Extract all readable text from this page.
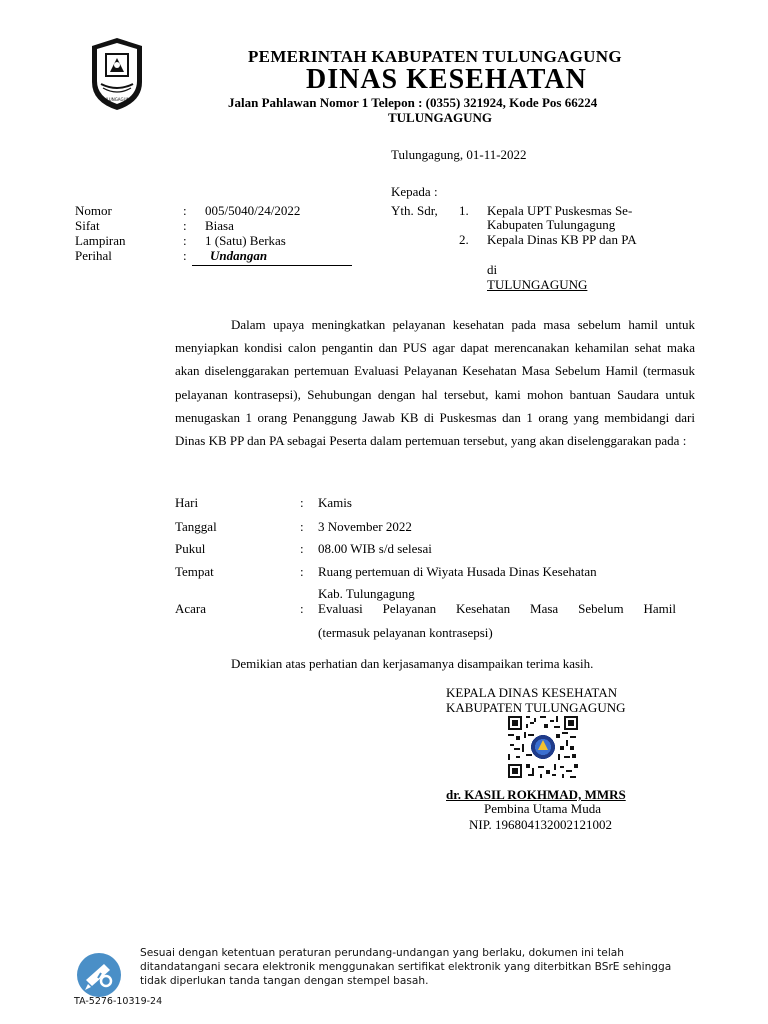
TULUNGAGUNG
PEMERINTAH KABUPATEN TULUNGAGUNG
DINAS KESEHATAN
Jalan Pahlawan Nomor 1 Telepon : (0355) 321924, Kode Pos 66224
TULUNGAGUNG
Tulungagung, 01-11-2022
Kepada :
Yth. Sdr, 1. Kepala UPT Puskesmas Se-
Kabupaten Tulungagung
2. Kepala Dinas KB PP dan PA
di
TULUNGAGUNG
Nomor	: 005/5040/24/2022
Sifat	: Biasa
Lampiran	: 1 (Satu) Berkas
Perihal	: Undangan

Dalam upaya meningkatkan pelayanan kesehatan pada masa sebelum hamil untuk menyiapkan kondisi calon pengantin dan PUS agar dapat merencanakan kehamilan sehat maka akan diselenggarakan pertemuan Evaluasi Pelayanan Kesehatan Masa Sebelum Hamil (termasuk pelayanan kontrasepsi), Sehubungan dengan hal tersebut, kami mohon bantuan Saudara untuk menugaskan 1 orang Penanggung Jawab KB di Puskesmas dan 1 orang yang membidangi dari Dinas KB PP dan PA sebagai Peserta dalam pertemuan tersebut, yang akan diselenggarakan pada :

Hari	: Kamis
Tanggal	: 3 November 2022
Pukul	: 08.00 WIB s/d selesai
Tempat	: Ruang pertemuan di Wiyata Husada Dinas Kesehatan
Kab. Tulungagung
Acara	: Evaluasi Pelayanan Kesehatan Masa Sebelum Hamil
(termasuk pelayanan kontrasepsi)
Demikian atas perhatian dan kerjasamanya disampaikan terima kasih.
KEPALA DINAS KESEHATAN
KABUPATEN TULUNGAGUNG
dr. KASIL ROKHMAD, MMRS
Pembina Utama Muda
NIP. 196804132002121002
Sesuai dengan ketentuan peraturan perundang-undangan yang berlaku, dokumen ini telah
ditandatangani secara elektronik menggunakan sertifikat elektronik yang diterbitkan BSrE sehingga
tidak diperlukan tanda tangan dengan stempel basah.
TA-5276-10319-24
